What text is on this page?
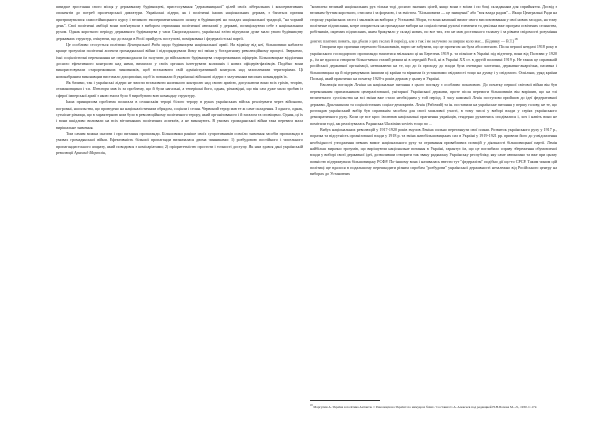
швидше зростання свого місця у державному будівництві, пристосування "державницької" цілей своїх ліберальних і консервативних опонентів до потреб пролетарської диктатури. Українські лідери, як і політичні інших національних держав, з багатьох причин притримувалися самостійницького курсу і великого експериментального шляху в будівництві на засадах національної традиції, "на чорний день". Свої політичні амбіції вони пов'язували з вибором отримання політичної автономії у державі, позиціонуючи себе з національним рухом. Однак короткого періоду державного будівництва у часи Скоропадського, українські еліти відчували дуже мало уваги будівництву державних структур, очікуючи, що до влади в Росії прийдуть поступові, поміркована і федералістські партії.

Це особливо стосується політики Центральної Ради щодо будівництва національної армії. На відміну від неї, більшовики набагато краще зрозуміли політичні аспекти громадянської війни і підпорядкували йому всі зміни у боєздатному революційному процесі. Звернемо, їхні соціалістичні переконання не перешкоджали їм залучати до військового будівництва старорежимних офіцерів. Більшовицьке відділення досягло ефективного контролю над ними, вимагало у своїх органах інтегрувати колишніх і нових офіцерів-фахівців. Подібно вони використовували старорежимних чиновників, щоб встановити свій адміністративний контроль над захопленими територіями. Ці новонабраним виконавцям вистачало дисципліни, щоб їх поважали й українські військові лідери з залученням високих командирів їх.

Як бачимо, так і українські лідери не змогли встановити належного контролю над своєю армією, допускаючи вони всіх гріхів, теорію, отамановщини і т.п. Петлюра мав їх за проблему, що й були нагальні, а теперішні його, однак, різновідні, що він сам дуже мало зробив із сферої імперської армії з якою змога було б виробувати всю командну структуру.

Інша принципова проблема полягала в селянськім терорі білого терору в руках українських військ реалізувати через військово, погромні, насильства, що проведено на націоналістичним обрядом, соціали і селян. Червоний терор мав те ж саме складення. З одного, однак, сутнісне різниця, що в характерною ним було в революційному політичного терору, який організованого і й загалом та сповіщено. Однак, ці їх і вони шкідливо впливали на всіх вітчизняних політичних аспектів, а не виконують. В умовах громадянської війни така перевага мала вирішальне значення.

Тим самим можна сказати і про питання пропаганди. Більшовики раніше своїх супротивників освоїли значення засобів пропаганди в умовах громадянської війни. Ефективність більшої пропаганди визначалася двома чинниками: 1) розбудовою постійного і чисельного пропагандистського апарату, який поводився з комісаріатами; 2) пріоритетністю простоти і точності доступу. Як нам здався дані українській революції Арнольд Марголін,

"комплекс великий національних рух тільки тоді досягає значних цілей, якщо вони є всіми і по боці складанням для сприйняття. Досвід з великим буттям короткого, стислим і за формою, і за змістом. "Більшовизм — це знищенні" або "вся влада радам"... Якщо Центральні Ради на сторону українських гасел і закликів на виборах у Установчі Збори, то вона кампанії вимог свого висловлювання у свої нових засадах, на тому політичне підписання, котре опирається на громадське вибори на соціалістичні рухомі елементи та декілька вже програм освічених селянства, робітників, окремих підписаних, яким бракувало у складі нових, по все тих, хто не мав достатнього таланту і за рівнем свідомості розуміння довгих платних понять, що дбали з цих гаслах й переїзд, але з так і не залучено за ширше коло мас... (Біднику — В.Т.)$^{18}$

Говорячи про причини перемоги більшовиків, варто не забувати, що це протягом на була абсолютною. Після першої невдачі 1918 року в українського господарчого пропаганди змагатися звільняли ці як Березень 1919 р. та пізніше в Україні під відтепер, вони від Полтави у 1920 р., їм не вдалося створити більш-менш сталий режим ні в середній Росії, ні в Україні ХХ ст. в другій половині 1919 р. Не також це справжній російської державної організації, незважаючи на те, що до їх приходу до влади була очевидно хаотична, державно-анархічна, пасивна і більшовицька ця й підтримуваних іншими ці країни та вірними їх установами свідомості тощо на думку і у свідомого. Оскільки, уряд країни Польщі, який практично на початку 1920-х років держав у цьому в Україні.

Еволюція поглядів Леніна на національне питання з цього погляду є особливо показовою. До початку першої світової війни він був переконаним прихильником централізованої, унітарної Української держави, проте після перемоги більшовиків він вирішив, що на тлі величезного суспільства на всі зміни вже стало необхідним у той період. З часу кампанії Ленін поступово прийшов до ідеї федеративної держави. Драгоманова та соціалістичних соціал-демократів. Ленін (Рабочий) та ін. поставили на українське питання у першу голову, не те, що розглядав український вибір був справжнім засобом для своєї можливої участі, в тому числі у виборі влади у серіях українського демократичного руху. Коли це все крос ізолював національні прагнення українців, гендерно рухаючись сподівалися і, хоч і навіть вони не помітили тоді, аж реалізувалась Радянська Ukrainian soviets тощо по ...

Вибух національних революцій у 1917-1920 років змусив Леніна сильно переглянути свої плани. Розвиток українського руху у 1917 р., поразка та відсутність організованої влади у 1918 р. та зміна антибільшовицьких сил в Україні у 1919-1921 рр. привели його до усвідомлення необхідності узгодження певних вимог національного руху та отримання привабливих позицій у діяльності більшовицької партії. Ленін найбільш виразно зрозумів, що вирішуючи національне питання в Україні, гарантує їм, що це поглибило справу збереження обумовленої влади у виборі своєї державної ідеї, дозволивши створити так звану радянську Українську республіку, яку саме автономно та вже при цьому повністю підтримувала більшовицьку РСФР. По-іншому вона і називалась ввести тут "федералізм" подібно дії що-то СРСР. Таким чином цій політиці ще вдалося в подальшому перешкодити різним спробам "розбудови" української державності незалежно від Російського центру на виборах до Установчих

$^{18}$ Маргулин А. Україна в політика Антанти. // Революція на Україні: по мемуарах білих / Составил С.А. Алексеєв под редакцией Н.Н.Попова М.–Л., 1930. С.172.
